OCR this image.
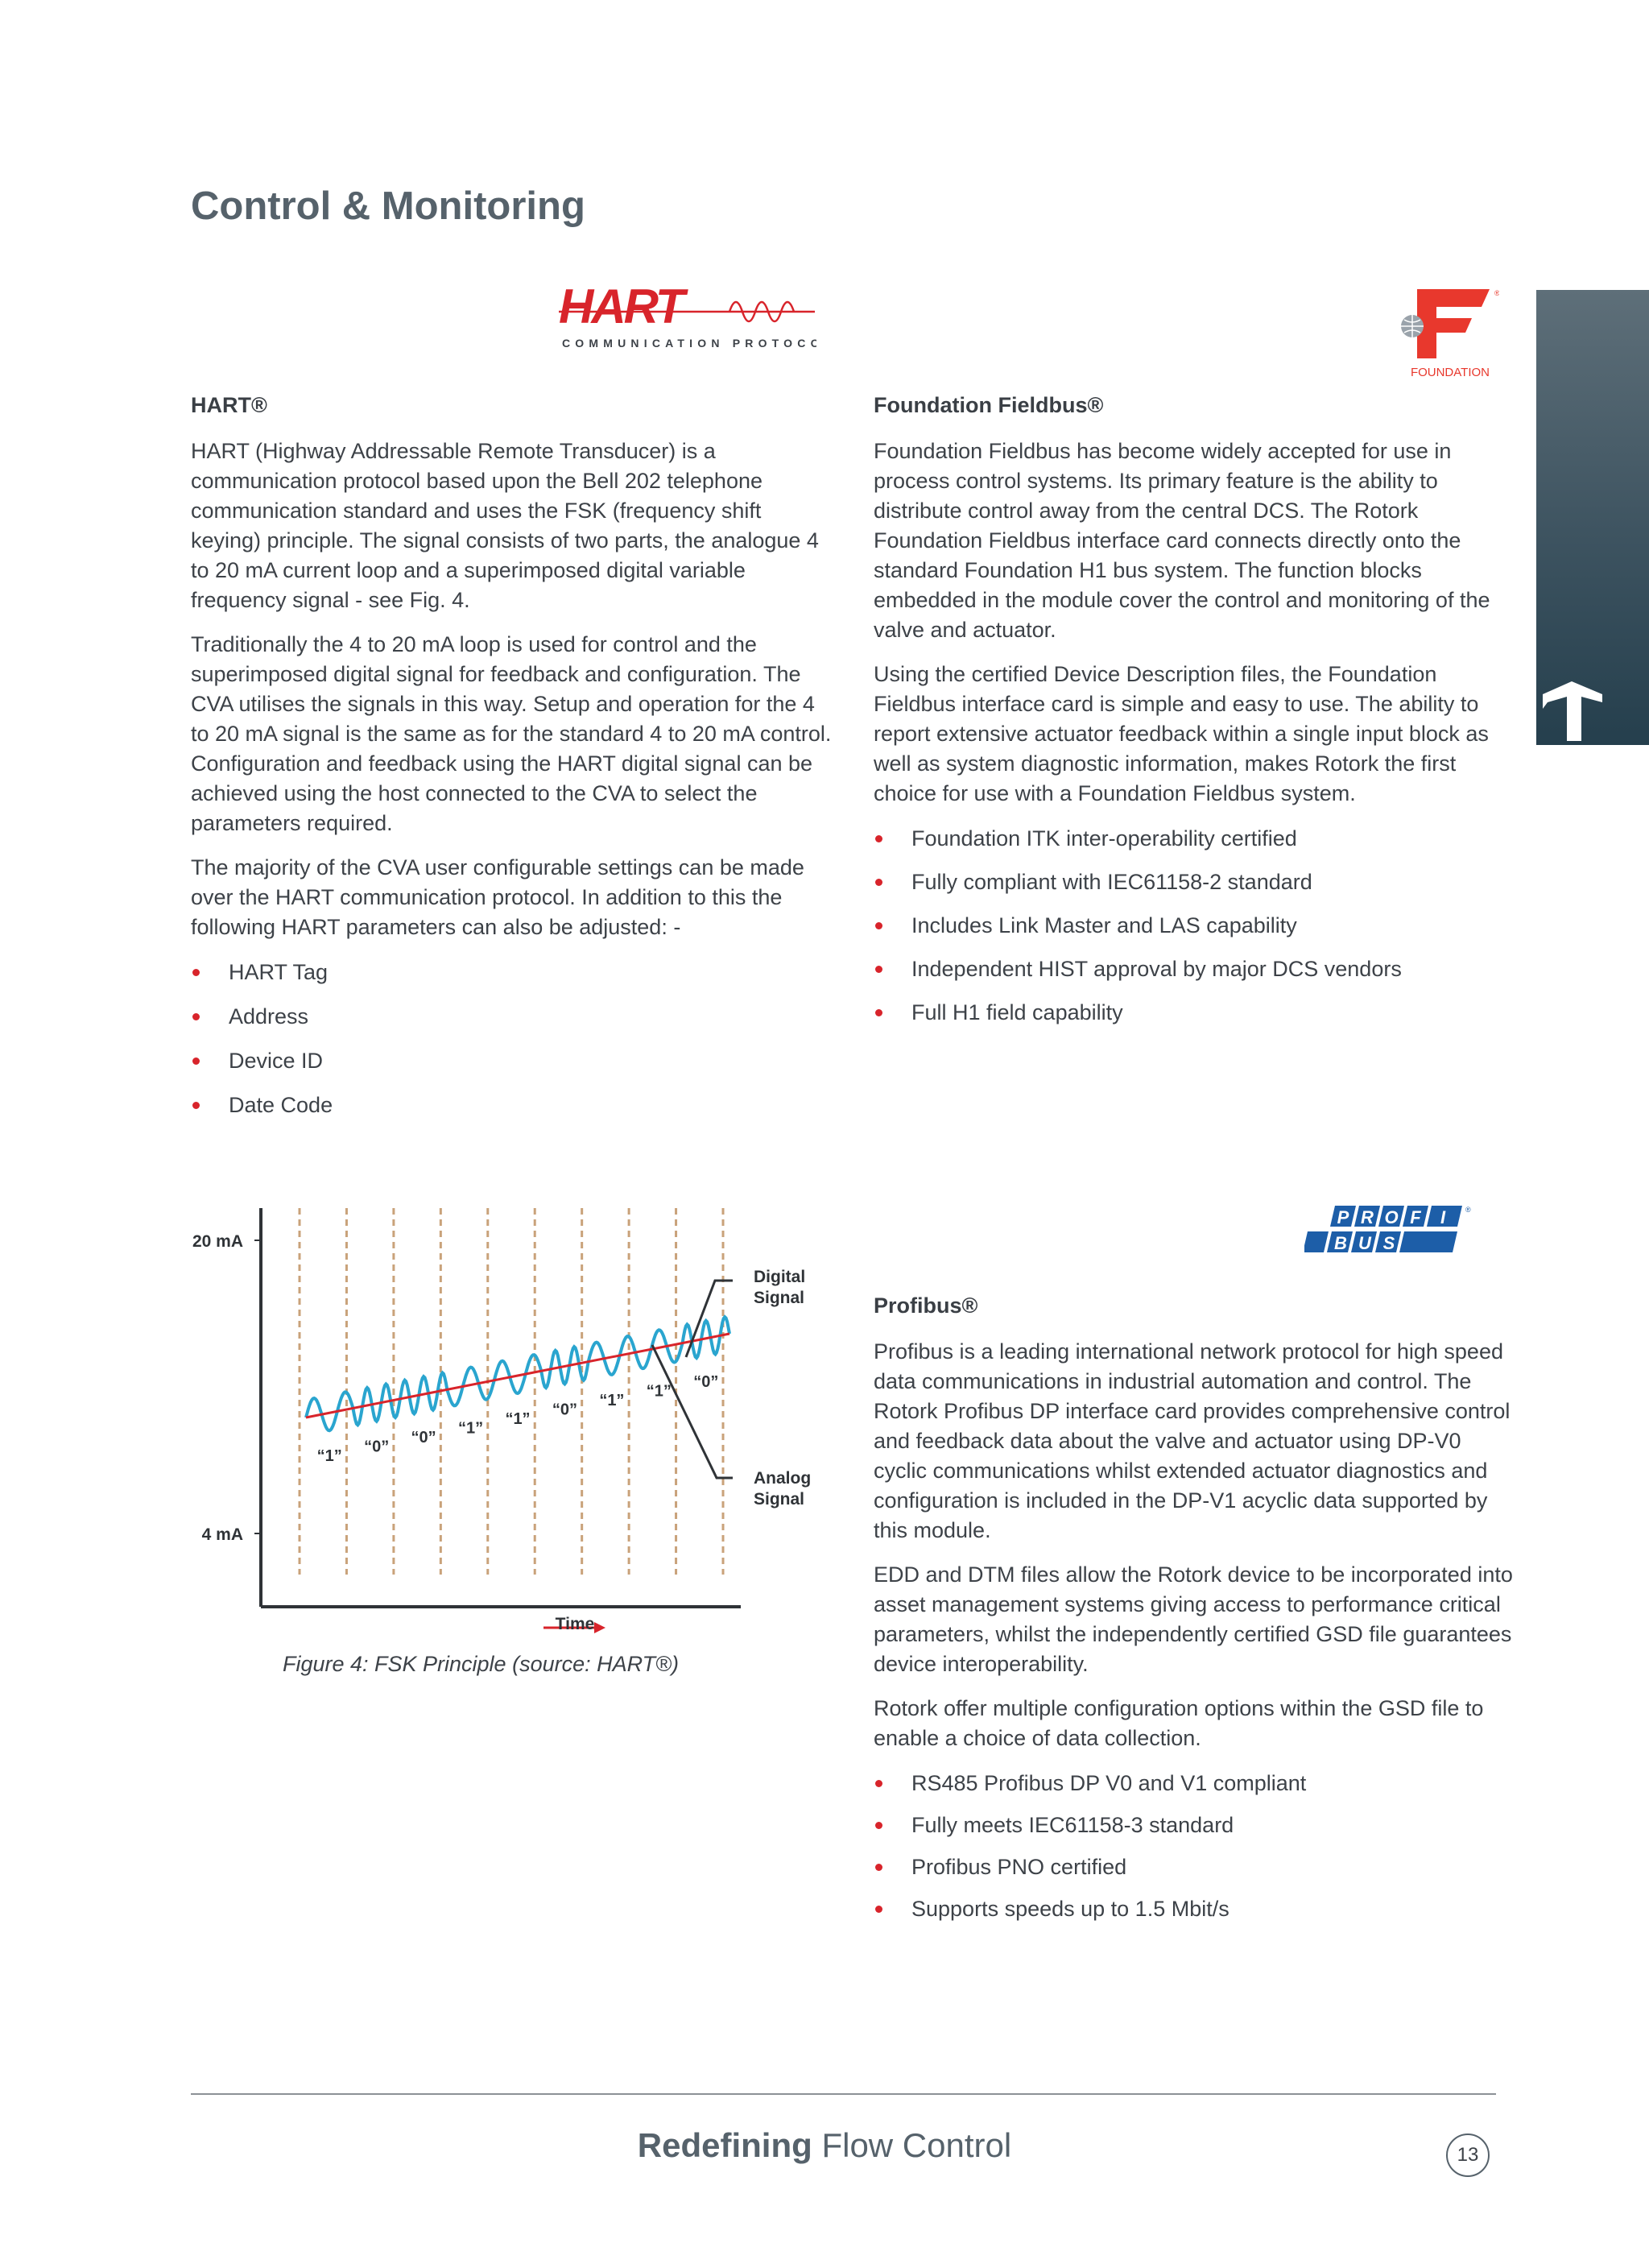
Control & Monitoring
HART
COMMUNICATION PROTOCOL
®
FOUNDATION
P R O F I
B U S
®
HART®

HART (Highway Addressable Remote Transducer) is a communication protocol based upon the Bell 202 telephone communication standard and uses the FSK (frequency shift keying) principle. The signal consists of two parts, the analogue 4 to 20 mA current loop and a superimposed digital variable frequency signal - see Fig. 4.

Traditionally the 4 to 20 mA loop is used for control and the superimposed digital signal for feedback and configuration. The CVA utilises the signals in this way. Setup and operation for the 4 to 20 mA signal is the same as for the standard 4 to 20 mA control. Configuration and feedback using the HART digital signal can be achieved using the host connected to the CVA to select the parameters required.

The majority of the CVA user configurable settings can be made over the HART communication protocol. In addition to this the following HART parameters can also be adjusted: -

HART Tag
Address
Device ID
Date Code
Foundation Fieldbus®

Foundation Fieldbus has become widely accepted for use in process control systems. Its primary feature is the ability to distribute control away from the central DCS. The Rotork Foundation Fieldbus interface card connects directly onto the standard Foundation H1 bus system. The function blocks embedded in the module cover the control and monitoring of the valve and actuator.

Using the certified Device Description files, the Foundation Fieldbus interface card is simple and easy to use. The ability to report extensive actuator feedback within a single input block as well as system diagnostic information, makes Rotork the first choice for use with a Foundation Fieldbus system.

Foundation ITK inter-operability certified
Fully compliant with IEC61158-2 standard
Includes Link Master and LAS capability
Independent HIST approval by major DCS vendors
Full H1 field capability
Profibus®

Profibus is a leading international network protocol for high speed data communications in industrial automation and control. The Rotork Profibus DP interface card provides comprehensive control and feedback data about the valve and actuator using DP-V0 cyclic communications whilst extended actuator diagnostics and configuration is included in the DP-V1 acyclic data supported by this module.

EDD and DTM files allow the Rotork device to be incorporated into asset management systems giving access to performance critical parameters, whilst the independently certified GSD file guarantees device interoperability.

Rotork offer multiple configuration options within the GSD file to enable a choice of data collection.

RS485 Profibus DP V0 and V1 compliant
Fully meets IEC61158-3 standard
Profibus PNO certified
Supports speeds up to 1.5 Mbit/s
20 mA
4 mA
Time
Digital
Signal
Analog
Signal
“1”
“0”
“0”
“1”
“1”
“0”
“1”
“1”
“0”
Figure 4: FSK Principle (source: HART®)
Redefining Flow Control	13
